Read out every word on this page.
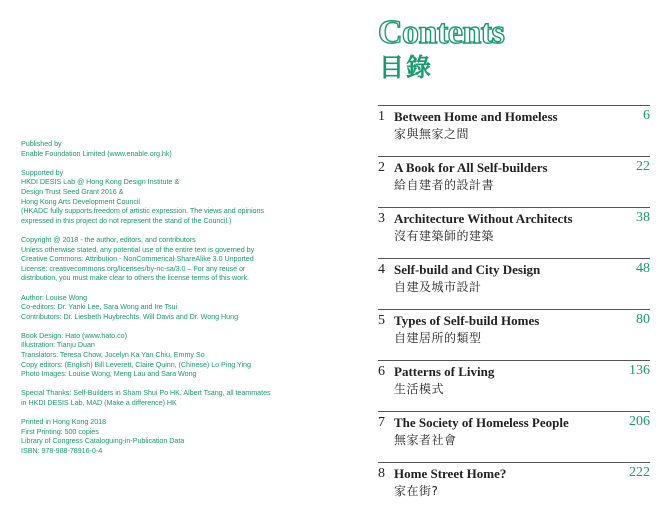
Published by
Enable Foundation Limited (www.enable.org.hk)
Supported by
HKDI DESIS Lab @ Hong Kong Design Institute &
Design Trust Seed Grant 2016 &
Hong Kong Arts Development Council
(HKADC fully supports freedom of artistic expression. The views and opinions
expressed in this project do not represent the stand of the Council.)
Copyright @ 2018 - the author, editors, and contributors
Unless otherwise stated, any potential use of the entire text is governed by
Creative Commons: Attribution - NonCommerical-ShareAlike 3.0 Unported
License: creativecommons.org/licenses/by-nc-sa/3.0 – For any reuse or
distribution, you must make clear to others the license terms of this work.
Author: Louise Wong
Co-editors: Dr. Yanki Lee, Sara Wong and Ire Tsui
Contributors: Dr. Liesbeth Huybrechts, Will Davis and Dr. Wong Hung
Book Design: Hato (www.hato.co)
Illustration: Tianju Duan
Translators: Teresa Chow, Jocelyn Ka Yan Chiu, Emmy So
Copy editors: (English) Bill Leverett, Claire Quinn, (Chinese) Lo Ping Ying
Photo Images: Louise Wong, Meng Lau and Sara Wong
Special Thanks: Self-Builders in Sham Shui Po HK, Albert Tsang, all teammates
in HKDI DESIS Lab, MAD (Make a difference) HK
Printed in Hong Kong 2018
First Printing: 500 copies
Library of Congress Cataloguing-in-Publication Data
ISBN: 978-988-78916-0-4
Contents
目錄
1 Between Home and Homeless
家與無家之間
6
2 A Book for All Self-builders
給自建者的設計書
22
3 Architecture Without Architects
沒有建築師的建築
38
4 Self-build and City Design
自建及城市設計
48
5 Types of Self-build Homes
自建居所的類型
80
6 Patterns of Living
生活模式
136
7 The Society of Homeless People
無家者社會
206
8 Home Street Home?
家在街?
222
